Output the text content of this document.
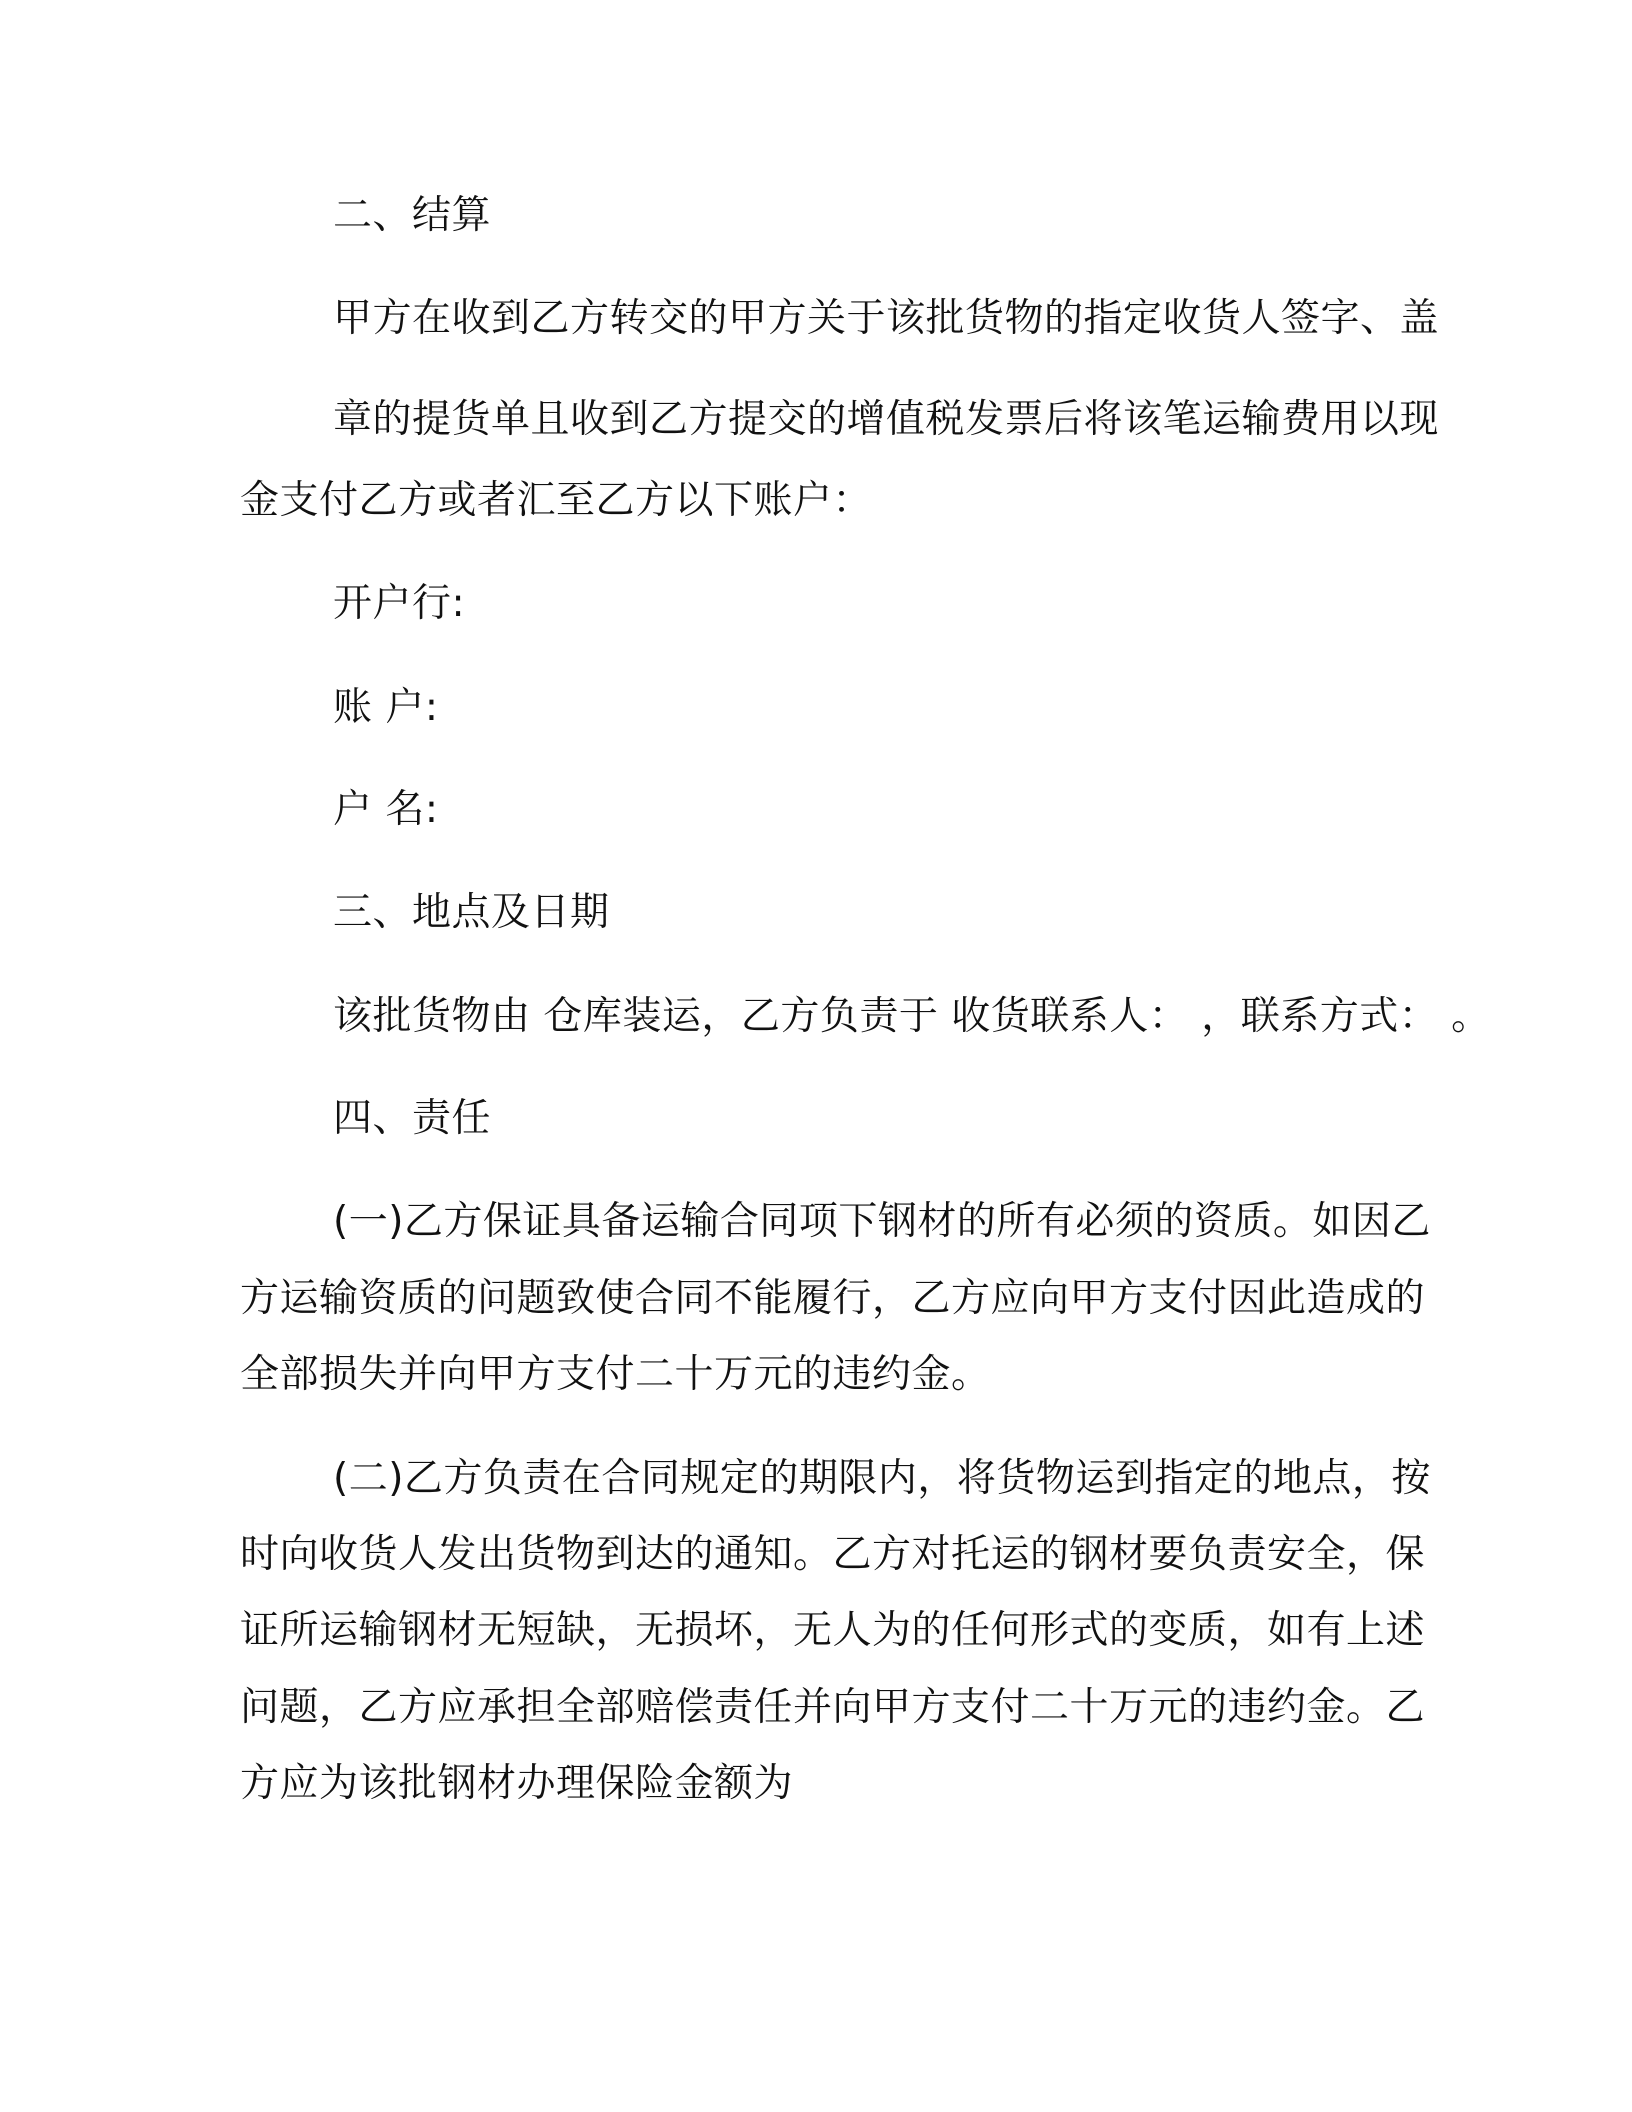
二、结算
甲方在收到乙方转交的甲方关于该批货物的指定收货人签字、盖
章的提货单且收到乙方提交的增值税发票后将该笔运输费用以现
金支付乙方或者汇至乙方以下账户：
开户行:
账 户:
户 名:
三、地点及日期
该批货物由 仓库装运，乙方负责于 收货联系人： ，联系方式： 。
四、责任
(一)乙方保证具备运输合同项下钢材的所有必须的资质。如因乙
方运输资质的问题致使合同不能履行，乙方应向甲方支付因此造成的
全部损失并向甲方支付二十万元的违约金。
(二)乙方负责在合同规定的期限内，将货物运到指定的地点，按
时向收货人发出货物到达的通知。乙方对托运的钢材要负责安全，保
证所运输钢材无短缺，无损坏，无人为的任何形式的变质，如有上述
问题，乙方应承担全部赔偿责任并向甲方支付二十万元的违约金。乙
方应为该批钢材办理保险金额为
